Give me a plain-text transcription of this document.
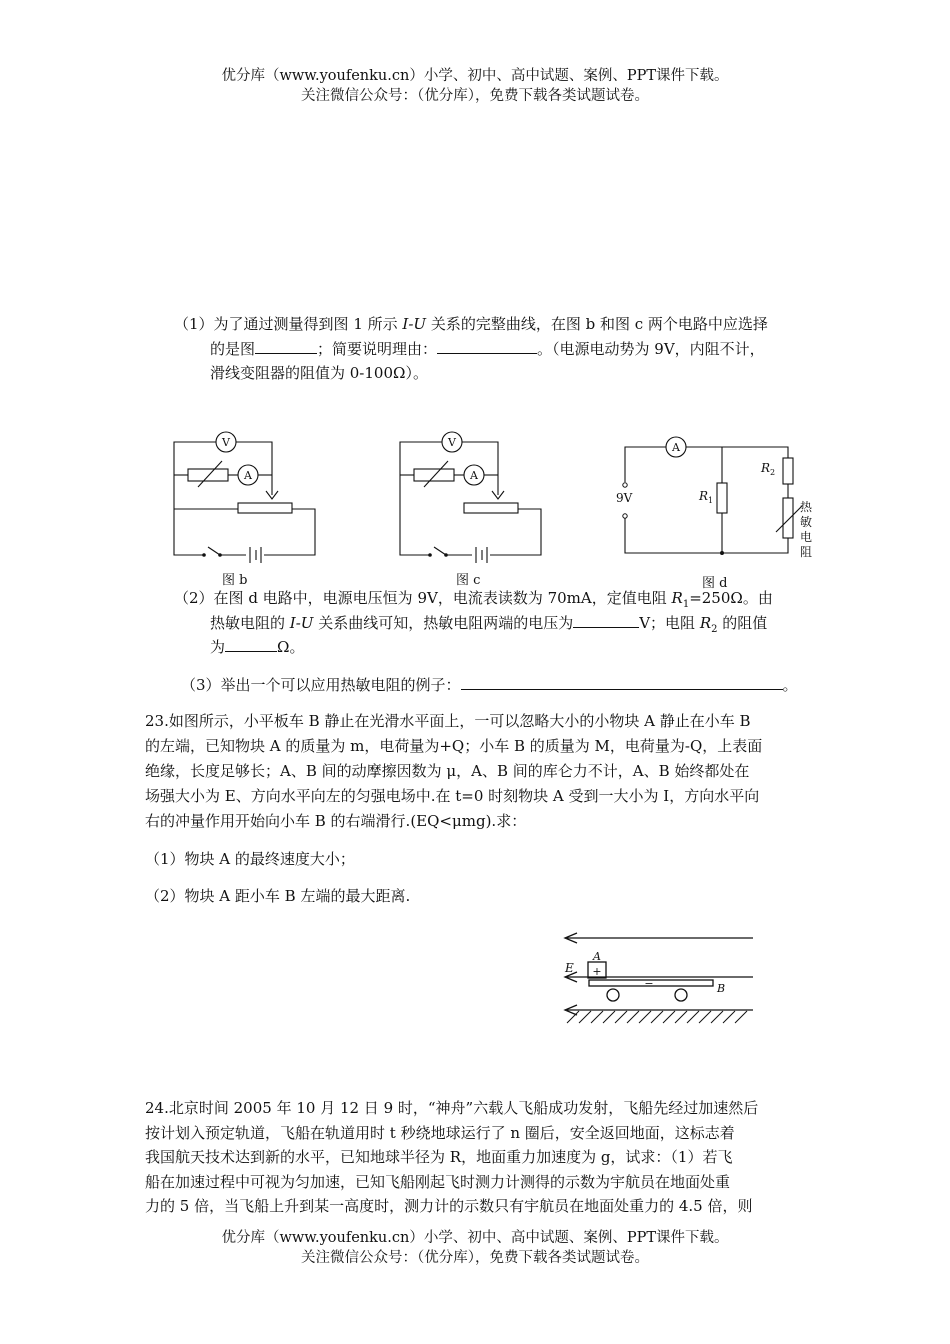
优分库（www.youfenku.cn）小学、初中、高中试题、案例、PPT课件下载。
关注微信公众号：（优分库），免费下载各类试题试卷。
（1）为了通过测量得到图 1 所示 I-U 关系的完整曲线，在图 b 和图 c 两个电路中应选择
的是图	；简要说明理由：	。（电源电动势为 9V，内阻不计，
滑线变阻器的阻值为 0-100Ω）。
V
A
图 b
V
A
图 c
A
9V	$R_1$
$R_2$
热
敏
电
阻
图 d
（2）在图 d 电路中，电源电压恒为 9V，电流表读数为 70mA，定值电阻 $R_1=250\Omega$。由
热敏电阻的 I-U 关系曲线可知，热敏电阻两端的电压为	V；电阻 $R_2$ 的阻值
为	Ω。
（3）举出一个可以应用热敏电阻的例子：	。
23.如图所示，小平板车 B 静止在光滑水平面上，一可以忽略大小的小物块 A 静止在小车 B
的左端，已知物块 A 的质量为 m，电荷量为+Q；小车 B 的质量为 M，电荷量为-Q，上表面
绝缘，长度足够长；A、B 间的动摩擦因数为 μ，A、B 间的库仑力不计，A、B 始终都处在
场强大小为 E、方向水平向左的匀强电场中.在 t=0 时刻物块 A 受到一大小为 I，方向水平向
右的冲量作用开始向小车 B 的右端滑行.(EQ<μmg).求：
（1）物块 A 的最终速度大小；
（2）物块 A 距小车 B 左端的最大距离.
E
A
+
−	B
24.北京时间 2005 年 10 月 12 日 9 时，“神舟”六载人飞船成功发射，飞船先经过加速然后
按计划入预定轨道，飞船在轨道用时 t 秒绕地球运行了 n 圈后，安全返回地面，这标志着
我国航天技术达到新的水平，已知地球半径为 R，地面重力加速度为 g，试求：（1）若飞
船在加速过程中可视为匀加速，已知飞船刚起飞时测力计测得的示数为宇航员在地面处重
力的 5 倍，当飞船上升到某一高度时，测力计的示数只有宇航员在地面处重力的 4.5 倍，则
优分库（www.youfenku.cn）小学、初中、高中试题、案例、PPT课件下载。
关注微信公众号：（优分库），免费下载各类试题试卷。
